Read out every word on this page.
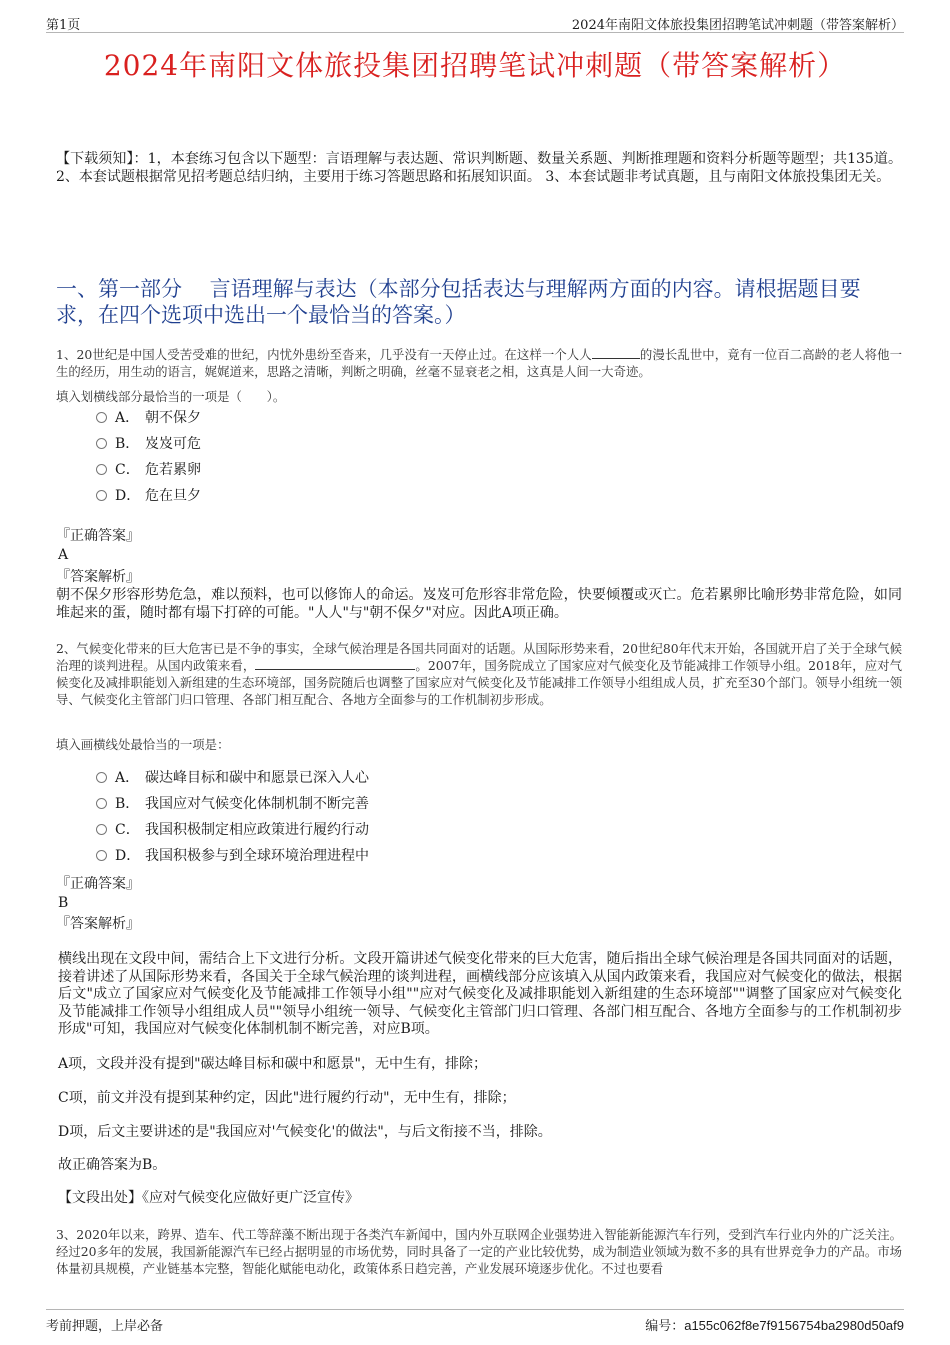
第1页	2024年南阳文体旅投集团招聘笔试冲刺题（带答案解析）
2024年南阳文体旅投集团招聘笔试冲刺题（带答案解析）
【下载须知】：1，本套练习包含以下题型：言语理解与表达题、常识判断题、数量关系题、判断推理题和资料分析题等题型；共135道。 2、本套试题根据常见招考题总结归纳，主要用于练习答题思路和拓展知识面。 3、本套试题非考试真题，且与南阳文体旅投集团无关。
一、第一部分　 言语理解与表达（本部分包括表达与理解两方面的内容。请根据题目要求，在四个选项中选出一个最恰当的答案。）
1、20世纪是中国人受苦受难的世纪，内忧外患纷至沓来，几乎没有一天停止过。在这样一个人人	的漫长乱世中，竟有一位百二高龄的老人将他一生的经历，用生动的语言，娓娓道来，思路之清晰，判断之明确，丝毫不显衰老之相，这真是人间一大奇迹。
填入划横线部分最恰当的一项是（　　）。
A． 朝不保夕
B． 岌岌可危
C． 危若累卵
D． 危在旦夕
『正确答案』
A
『答案解析』
朝不保夕形容形势危急，难以预料，也可以修饰人的命运。岌岌可危形容非常危险，快要倾覆或灭亡。危若累卵比喻形势非常危险，如同堆起来的蛋，随时都有塌下打碎的可能。"人人"与"朝不保夕"对应。因此A项正确。
2、气候变化带来的巨大危害已是不争的事实，全球气候治理是各国共同面对的话题。从国际形势来看，20世纪80年代末开始，各国就开启了关于全球气候治理的谈判进程。从国内政策来看，	。2007年，国务院成立了国家应对气候变化及节能减排工作领导小组。2018年，应对气候变化及减排职能划入新组建的生态环境部，国务院随后也调整了国家应对气候变化及节能减排工作领导小组组成人员，扩充至30个部门。领导小组统一领导、气候变化主管部门归口管理、各部门相互配合、各地方全面参与的工作机制初步形成。
填入画横线处最恰当的一项是：
A． 碳达峰目标和碳中和愿景已深入人心
B． 我国应对气候变化体制机制不断完善
C． 我国积极制定相应政策进行履约行动
D． 我国积极参与到全球环境治理进程中
『正确答案』
B
『答案解析』
横线出现在文段中间，需结合上下文进行分析。文段开篇讲述气候变化带来的巨大危害，随后指出全球气候治理是各国共同面对的话题，接着讲述了从国际形势来看，各国关于全球气候治理的谈判进程，画横线部分应该填入从国内政策来看，我国应对气候变化的做法，根据后文"成立了国家应对气候变化及节能减排工作领导小组""应对气候变化及减排职能划入新组建的生态环境部""调整了国家应对气候变化及节能减排工作领导小组组成人员""领导小组统一领导、气候变化主管部门归口管理、各部门相互配合、各地方全面参与的工作机制初步形成"可知，我国应对气候变化体制机制不断完善，对应B项。
A项，文段并没有提到"碳达峰目标和碳中和愿景"，无中生有，排除；
C项，前文并没有提到某种约定，因此"进行履约行动"，无中生有，排除；
D项，后文主要讲述的是"我国应对'气候变化'的做法"，与后文衔接不当，排除。
故正确答案为B。
【文段出处】《应对气候变化应做好更广泛宣传》
3、2020年以来，跨界、造车、代工等辞藻不断出现于各类汽车新闻中，国内外互联网企业强势进入智能新能源汽车行列，受到汽车行业内外的广泛关注。经过20多年的发展，我国新能源汽车已经占据明显的市场优势，同时具备了一定的产业比较优势，成为制造业领域为数不多的具有世界竞争力的产品。市场体量初具规模，产业链基本完整，智能化赋能电动化，政策体系日趋完善，产业发展环境逐步优化。不过也要看
考前押题，上岸必备	编号：a155c062f8e7f9156754ba2980d50af9
